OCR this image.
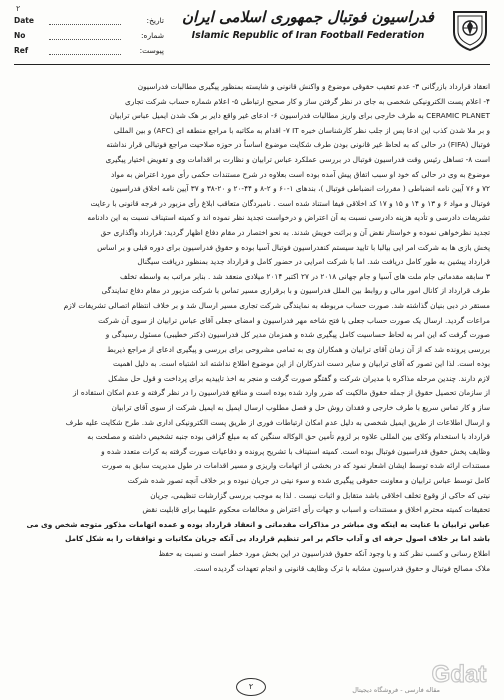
٢
Date	تاریخ:
No	شماره:
Ref	پیوست:
فدراسیون فوتبال جمهوری اسلامی ایران
Islamic Republic of Iran Football Federation

انعقاد قرارداد بازرگانی ٣- عدم تعقیب حقوقی موضوع و واکنش قانونی و شایسته بمنظور پیگیری مطالبات فدراسیون

۴- اعلام پست الکترونیکی شخصی به جای در نظر گرفتن ساز و کار صحیح ارتباطی ۵- اعلام شماره حساب شرکت تجاری

CERAMIC PLANET به طرف خارجی برای واریز مطالبات فدراسیون ۶- ادعای غیر واقع دایر بر هک شدن ایمیل عباس ترابیان

و بر ملا شدن کذب این ادعا پس از جلب نظر کارشناسان خبره IT ٧- اقدام به مکاتبه با مراجع منطقه ای (AFC) و بین المللی

فوتبال (FIFA) در حالی که به لحاظ غیر قانونی بودن طرف شکایت موضوع اساساً در حوزه صلاحیت مراجع فوتبالی قرار نداشته

است ٨- تساهل رئیس وقت فدراسیون فوتبال در بررسی عملکرد عباس ترابیان و نظارت بر اقدامات وی و تفویض اختیار پیگیری

موضوع به وی در حالی که خود او سبب اتفاق پیش آمده بوده است بعلاوه در شرح مستندات حکمی رأی مورد اعتراض به مواد

٧٢ و ٧۶ آیین نامه انضباطی ( مقررات انضباطی فوتبال )، بندهای ١-۶٠ و ٢-٨ و ۴۴-٢٠ و ٢٠-٣٨ و ٣٧ آیین نامه اخلاق فدراسیون

فوتبال و مواد ۶ و ١٣ و ١۴ و ١۵ و ١٧ کد اخلاقی فیفا استناد شده است . نامبردگان متعاقب ابلاغ رأی مزبور در فرجه قانونی با رعایت

تشریفات دادرسی و تأدیه هزینه دادرسی نسبت به آن اعتراض و درخواست تجدید نظر نموده اند و کمیته استیناف نسبت به این دادنامه

تجدید نظرخواهی نموده و خواستار نقض آن و برائت خویش شدند. به نحو اختصار در مقام دفاع اظهار گردید: قرارداد واگذاری حق

پخش بازی ها به شرکت امر ایی بیالبا با تایید سیستم کنفدراسیون فوتبال آسیا بوده و حقوق فدراسیون برای دوره قبلی و بر اساس

قرارداد پیشین به طور کامل دریافت شد. اما با شرکت امرایی در حضور کامل و قرارداد جدید بمنظور دریافت سیگنال

٣ سابقه مقدماتی جام ملت های آسیا و جام جهانی ٢٠١٨ در ٢٧ اکتبر ٢٠١۴ میلادی منعقد شد . بنابر مراتب به واسطه تخلف

طرف قرارداد از کانال امور مالی و روابط بین الملل فدراسیون و با برقراری مسیر تماس با شرکت مزبور در مقام دفاع تمایندگی

مستقر در دبی بنیان گذاشته شد. صورت حساب مربوطه به نمایندگی شرکت تجاری مسیر ارسال شد و بر خلاف انتظام اتصالی تشریفات لازم

مراعات گردید. ارسال یک صورت حساب جعلی با فتح شاخه مهر فدراسیون و امضای جعلی آقای عباس ترابیان از سوی آن شرکت

صورت گرفت که این امر به لحاظ حساسیت کامل پیگیری شده و همزمان مدیر کل فدراسیون (دکتر خطیبی) مسئول رسیدگی و

بررسی پرونده شد که از آن زمان آقای ترابیان و همکاران وی به تمامی مشروحی برای بررسی و پیگیری ادعای از مراجع ذیربط

بوده است. لذا این تصور که آقای ترابیان و سایر دست اندرکاران از این موضوع اطلاع نداشته اند اشتباه است. به دلیل اهمیت

لازم دارند. چندین مرحله مذاکره با مدیران شرکت و گفتگو صورت گرفت و منجر به اخذ تاییدیه برای پرداخت و قول حل مشکل

از سازمان تحصیل حقوق از جمله حقوق مالکیت که ضرر وارد شده بوده است و منافع فدراسیون را در نظر گرفته و عدم امکان استفاده از

ساز و کار تماس سریع با طرف خارجی و فقدان روش حل و فصل مطلوب ارسال ایمیل به ایمیل شرکت از سوی آقای ترابیان

و ارسال اطلاعات از طریق ایمیل شخصی به دلیل عدم امکان ارتباطات فوری از طریق پست الکترونیکی اداری شد. طرح شکایت علیه طرف

قرارداد با استخدام وکلای بین المللی علاوه بر لزوم تأمین حق الوکاله سنگین که به مبلغ گزافی بوده جنبه تشخیص داشته و مصلحت به

وظایف پخش حقوق فدراسیون فوتبال بوده است. کمیته استیناف با تشریح پرونده و دفاعیات صورت گرفته به کرات متعدد شده و

مستندات ارائه شده توسط ایشان اشعار نمود که در بخشی از اتهامات واریزی و مسیر اقدامات در طول مدیریت سابق به صورت

کامل توسط عباس ترابیان و معاونت حقوقی پیگیری شده و سوء نیتی در جریان نبوده و بر خلاف آنچه تصور شده شرکت

نیتی که حاکی از وقوع تخلف اخلاقی باشد متقابل و اثبات نیست . لذا به موجب بررسی گزارشات تنظیمی، جریان

تحقیقات کمیته محترم اخلاق و مستندات و اسباب و جهات رأی اعتراض و مخالفات محکوم علیهما برای قابلیت نقض

عباس ترابیان با عنایت به اینکه وی مباشر در مذاکرات مقدماتی و انعقاد قرارداد بوده و عمده اتهامات مذکور متوجه شخص وی می

باشد اما بر خلاف اصول حرفه ای و آداب حاکم بر امر تنظیم قرارداد بی آنکه جریان مکاتبات و توافقات را به شکل کامل

اطلاع رسانی و کسب نظر کند و با وجود آنکه حقوق فدراسیون در این بخش مورد خطر است و نسبت به حفظ

ملاک مصالح فوتبال و حقوق فدراسیون مشابه با ترک وظایف قانونی و انجام تعهدات گردیده است.

٢	Gdat
مقاله فارسی - فروشگاه دیجیتال
